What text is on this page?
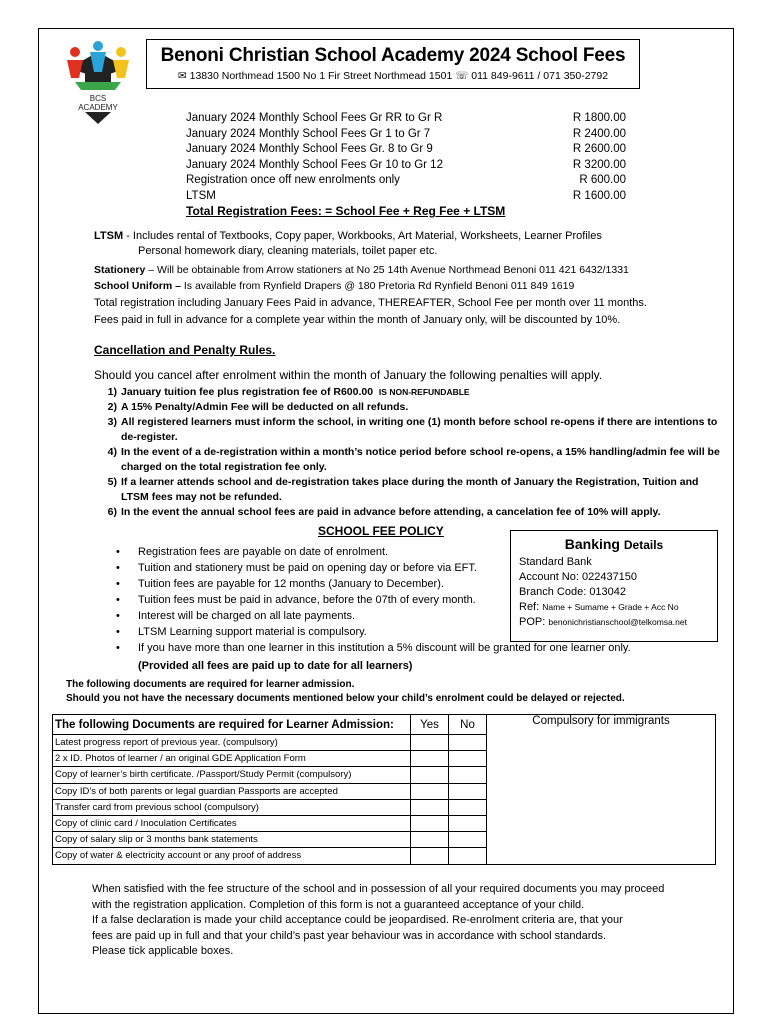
BCS
ACADEMY
Benoni Christian School Academy 2024 School Fees
✉ 13830 Northmead 1500 No 1 Fir Street Northmead 1501 ☏ 011 849-9611 / 071 350-2792
January 2024 Monthly School Fees Gr RR to Gr R	R 1800.00
January 2024 Monthly School Fees Gr 1 to Gr 7	R 2400.00
January 2024 Monthly School Fees Gr. 8 to Gr 9	R 2600.00
January 2024 Monthly School Fees Gr 10 to Gr 12	R 3200.00
Registration once off new enrolments only	R 600.00
LTSM	R 1600.00
Total Registration Fees: = School Fee + Reg Fee + LTSM
LTSM - Includes rental of Textbooks, Copy paper, Workbooks, Art Material, Worksheets, Learner Profiles
Personal homework diary, cleaning materials, toilet paper etc.
Stationery – Will be obtainable from Arrow stationers at No 25 14th Avenue Northmead Benoni 011 421 6432/1331
School Uniform – Is available from Rynfield Drapers @ 180 Pretoria Rd Rynfield Benoni 011 849 1619
Total registration including January Fees Paid in advance, THEREAFTER, School Fee per month over 11 months.
Fees paid in full in advance for a complete year within the month of January only, will be discounted by 10%.
Cancellation and Penalty Rules.
Should you cancel after enrolment within the month of January the following penalties will apply.
1) January tuition fee plus registration fee of R600.00 IS NON-REFUNDABLE
2) A 15% Penalty/Admin Fee will be deducted on all refunds.
3) All registered learners must inform the school, in writing one (1) month before school re-opens if there are intentions to de-register.
4) In the event of a de-registration within a month’s notice period before school re-opens, a 15% handling/admin fee will be charged on the total registration fee only.
5) If a learner attends school and de-registration takes place during the month of January the Registration, Tuition and LTSM fees may not be refunded.
6) In the event the annual school fees are paid in advance before attending, a cancelation fee of 10% will apply.
SCHOOL FEE POLICY
• Registration fees are payable on date of enrolment.
• Tuition and stationery must be paid on opening day or before via EFT.
• Tuition fees are payable for 12 months (January to December).
• Tuition fees must be paid in advance, before the 07th of every month.
• Interest will be charged on all late payments.
• LTSM Learning support material is compulsory.
• If you have more than one learner in this institution a 5% discount will be granted for one learner only.
(Provided all fees are paid up to date for all learners)
Banking Details
Standard Bank
Account No: 022437150
Branch Code: 013042
Ref: Name + Sumame + Grade + Acc No
POP: benonichristianschool@telkomsa.net
The following documents are required for learner admission.
Should you not have the necessary documents mentioned below your child’s enrolment could be delayed or rejected.
The following Documents are required for Learner Admission:	Yes	No	Compulsory for immigrants
Latest progress report of previous year. (compulsory)			
2 x ID. Photos of learner / an original GDE Application Form			
Copy of learner’s birth certificate. /Passport/Study Permit (compulsory)			
Copy ID’s of both parents or legal guardian Passports are accepted			
Transfer card from previous school (compulsory)			
Copy of clinic card / Inoculation Certificates			
Copy of salary slip or 3 months bank statements			
Copy of water & electricity account or any proof of address			
When satisfied with the fee structure of the school and in possession of all your required documents you may proceed
with the registration application. Completion of this form is not a guaranteed acceptance of your child.
If a false declaration is made your child acceptance could be jeopardised. Re-enrolment criteria are, that your
fees are paid up in full and that your child’s past year behaviour was in accordance with school standards.
Please tick applicable boxes.
